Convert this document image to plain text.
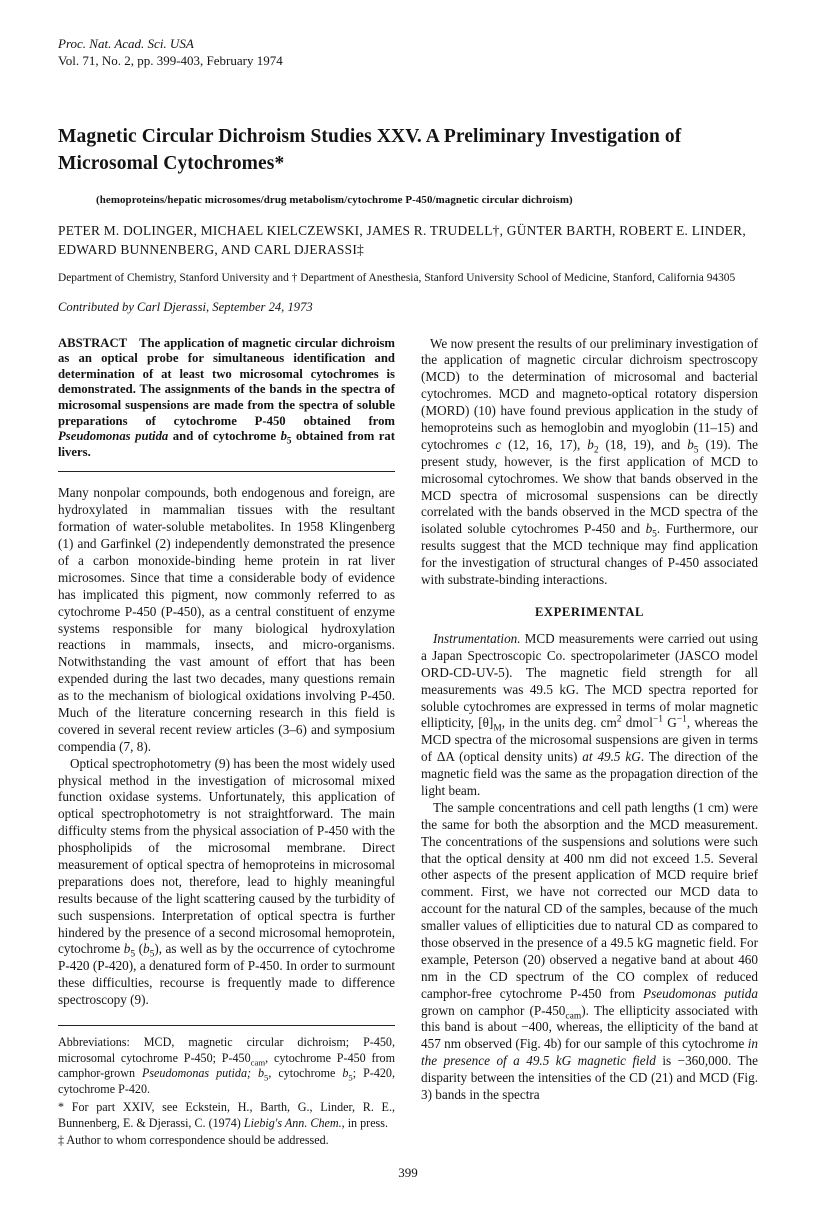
Proc. Nat. Acad. Sci. USA
Vol. 71, No. 2, pp. 399-403, February 1974
Magnetic Circular Dichroism Studies XXV. A Preliminary Investigation of Microsomal Cytochromes*
(hemoproteins/hepatic microsomes/drug metabolism/cytochrome P-450/magnetic circular dichroism)
PETER M. DOLINGER, MICHAEL KIELCZEWSKI, JAMES R. TRUDELL†, GÜNTER BARTH, ROBERT E. LINDER, EDWARD BUNNENBERG, AND CARL DJERASSI‡
Department of Chemistry, Stanford University and † Department of Anesthesia, Stanford University School of Medicine, Stanford, California 94305
Contributed by Carl Djerassi, September 24, 1973

ABSTRACT The application of magnetic circular dichroism as an optical probe for simultaneous identification and determination of at least two microsomal cytochromes is demonstrated. The assignments of the bands in the spectra of microsomal suspensions are made from the spectra of soluble preparations of cytochrome P-450 obtained from Pseudomonas putida and of cytochrome $b_5$ obtained from rat livers.

Many nonpolar compounds, both endogenous and foreign, are hydroxylated in mammalian tissues with the resultant formation of water-soluble metabolites. In 1958 Klingenberg (1) and Garfinkel (2) independently demonstrated the presence of a carbon monoxide-binding heme protein in rat liver microsomes. Since that time a considerable body of evidence has implicated this pigment, now commonly referred to as cytochrome P-450 (P-450), as a central constituent of enzyme systems responsible for many biological hydroxylation reactions in mammals, insects, and micro-organisms. Notwithstanding the vast amount of effort that has been expended during the last two decades, many questions remain as to the mechanism of biological oxidations involving P-450. Much of the literature concerning research in this field is covered in several recent review articles (3–6) and symposium compendia (7, 8).

Optical spectrophotometry (9) has been the most widely used physical method in the investigation of microsomal mixed function oxidase systems. Unfortunately, this application of optical spectrophotometry is not straightforward. The main difficulty stems from the physical association of P-450 with the phospholipids of the microsomal membrane. Direct measurement of optical spectra of hemoproteins in microsomal preparations does not, therefore, lead to highly meaningful results because of the light scattering caused by the turbidity of such suspensions. Interpretation of optical spectra is further hindered by the presence of a second microsomal hemoprotein, cytochrome $b_5$ $(b_5)$, as well as by the occurrence of cytochrome P-420 (P-420), a denatured form of P-450. In order to surmount these difficulties, recourse is frequently made to difference spectroscopy (9).

Abbreviations: MCD, magnetic circular dichroism; P-450, microsomal cytochrome P-450; $P-450_{cam}$, cytochrome P-450 from camphor-grown Pseudomonas putida; $b_5$, cytochrome $b_5$; P-420, cytochrome P-420.

* For part XXIV, see Eckstein, H., Barth, G., Linder, R. E., Bunnenberg, E. & Djerassi, C. (1974) Liebig's Ann. Chem., in press.

‡ Author to whom correspondence should be addressed.

We now present the results of our preliminary investigation of the application of magnetic circular dichroism spectroscopy (MCD) to the determination of microsomal and bacterial cytochromes. MCD and magneto-optical rotatory dispersion (MORD) (10) have found previous application in the study of hemoproteins such as hemoglobin and myoglobin (11–15) and cytochromes c (12, 16, 17), $b_2$ (18, 19), and $b_5$ (19). The present study, however, is the first application of MCD to microsomal cytochromes. We show that bands observed in the MCD spectra of microsomal suspensions can be directly correlated with the bands observed in the MCD spectra of the isolated soluble cytochromes P-450 and $b_5$. Furthermore, our results suggest that the MCD technique may find application for the investigation of structural changes of P-450 associated with substrate-binding interactions.

EXPERIMENTAL

Instrumentation. MCD measurements were carried out using a Japan Spectroscopic Co. spectropolarimeter (JASCO model ORD-CD-UV-5). The magnetic field strength for all measurements was 49.5 kG. The MCD spectra reported for soluble cytochromes are expressed in terms of molar magnetic ellipticity, $[\theta]_M$, in the units deg. $cm^2$ dmol$^{-1}$ $G^{-1}$, whereas the MCD spectra of the microsomal suspensions are given in terms of ΔA (optical density units) at 49.5 kG. The direction of the magnetic field was the same as the propagation direction of the light beam.

The sample concentrations and cell path lengths (1 cm) were the same for both the absorption and the MCD measurement. The concentrations of the suspensions and solutions were such that the optical density at 400 nm did not exceed 1.5. Several other aspects of the present application of MCD require brief comment. First, we have not corrected our MCD data to account for the natural CD of the samples, because of the much smaller values of ellipticities due to natural CD as compared to those observed in the presence of a 49.5 kG magnetic field. For example, Peterson (20) observed a negative band at about 460 nm in the CD spectrum of the CO complex of reduced camphor-free cytochrome P-450 from Pseudomonas putida grown on camphor $(P-450_{cam})$. The ellipticity associated with this band is about −400, whereas, the ellipticity of the band at 457 nm observed (Fig. 4b) for our sample of this cytochrome in the presence of a 49.5 kG magnetic field is −360,000. The disparity between the intensities of the CD (21) and MCD (Fig. 3) bands in the spectra

399
